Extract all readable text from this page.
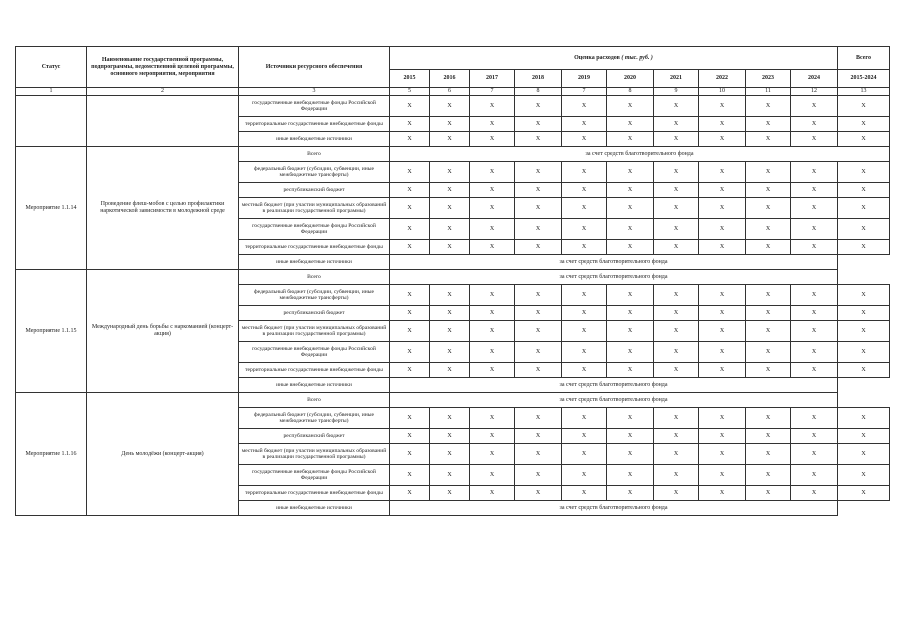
Статус	Наименование государственной программы, подпрограммы, ведомственной целевой программы, основного мероприятия, мероприятия	Источники ресурсного обеспечения	Оценка расходов ( тыс. руб. )										Всего
			2015	2016	2017	2018	2019	2020	2021	2022	2023	2024	2015-2024
1	2	3	5	6	7	8	7	8	9	10	11	12	13
		государственные внебюджетные фонды Российской Федерации	X	X	X	X	X	X	X	X	X	X	X
		территориальные государственные внебюджетные фонды	X	X	X	X	X	X	X	X	X	X	X
		иные внебюджетные источники	X	X	X	X	X	X	X	X	X	X	X
Мероприятие 1.1.14	Проведение флеш-мобов с целью профилактики наркотической зависимости в молодежной среде	Всего	за счет средств благотворительного фонда										
		федеральный бюджет (субсидии, субвенции, иные межбюджетные трансферты)	X	X	X	X	X	X	X	X	X	X	X
		республиканский бюджет	X	X	X	X	X	X	X	X	X	X	X
		местный бюджет (при участии муниципальных образований в реализации государственной программы)	X	X	X	X	X	X	X	X	X	X	X
		государственные внебюджетные фонды Российской Федерации	X	X	X	X	X	X	X	X	X	X	X
		территориальные государственные внебюджетные фонды	X	X	X	X	X	X	X	X	X	X	X
		иные внебюджетные источники	за счет средств благотворительного фонда										
Мероприятие 1.1.15	Международный день борьбы с наркоманией (концерт-акция)	Всего	за счет средств благотворительного фонда										
		федеральный бюджет (субсидии, субвенции, иные межбюджетные трансферты)	X	X	X	X	X	X	X	X	X	X	X
		республиканский бюджет	X	X	X	X	X	X	X	X	X	X	X
		местный бюджет (при участии муниципальных образований в реализации государственной программы)	X	X	X	X	X	X	X	X	X	X	X
		государственные внебюджетные фонды Российской Федерации	X	X	X	X	X	X	X	X	X	X	X
		территориальные государственные внебюджетные фонды	X	X	X	X	X	X	X	X	X	X	X
		иные внебюджетные источники	за счет средств благотворительного фонда										
Мероприятие 1.1.16	День молодёжи (концерт-акция)	Всего	за счет средств благотворительного фонда										
		федеральный бюджет (субсидии, субвенции, иные межбюджетные трансферты)	X	X	X	X	X	X	X	X	X	X	X
		республиканский бюджет	X	X	X	X	X	X	X	X	X	X	X
		местный бюджет (при участии муниципальных образований в реализации государственной программы)	X	X	X	X	X	X	X	X	X	X	X
		государственные внебюджетные фонды Российской Федерации	X	X	X	X	X	X	X	X	X	X	X
		территориальные государственные внебюджетные фонды	X	X	X	X	X	X	X	X	X	X	X
		иные внебюджетные источники	за счет средств благотворительного фонда										
